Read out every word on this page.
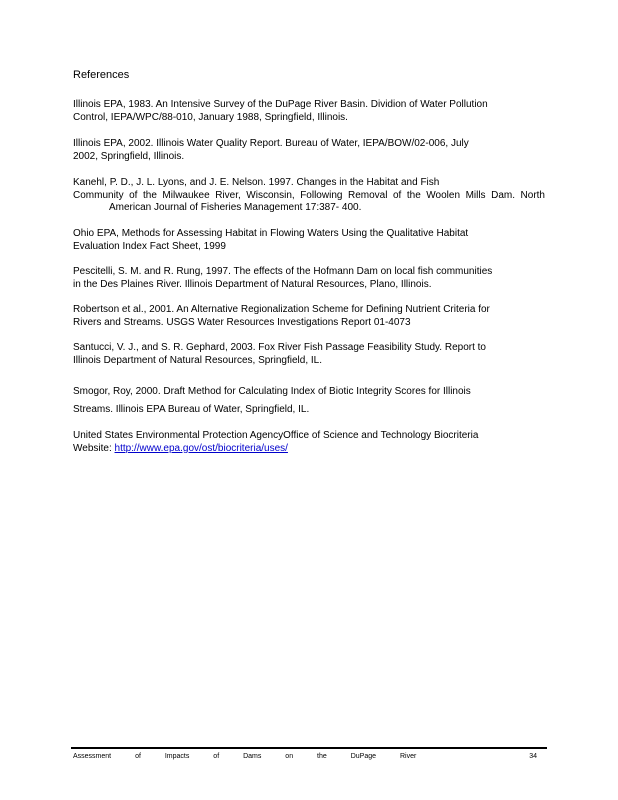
References
Illinois EPA, 1983. An Intensive Survey of the DuPage River Basin. Dividion of Water Pollution
Control, IEPA/WPC/88-010, January 1988, Springfield, Illinois.
Illinois EPA, 2002. Illinois Water Quality Report. Bureau of Water, IEPA/BOW/02-006, July
2002, Springfield, Illinois.
Kanehl, P. D., J. L. Lyons, and J. E. Nelson. 1997. Changes in the Habitat and Fish
Community of the Milwaukee River, Wisconsin, Following Removal of the Woolen Mills Dam. North American Journal of Fisheries Management 17:387- 400.
Ohio EPA, Methods for Assessing Habitat in Flowing Waters Using the Qualitative Habitat
Evaluation Index Fact Sheet, 1999
Pescitelli, S. M. and R. Rung, 1997. The effects of the Hofmann Dam on local fish communities
in the Des Plaines River. Illinois Department of Natural Resources, Plano, Illinois.
Robertson et al., 2001. An Alternative Regionalization Scheme for Defining Nutrient Criteria for
Rivers and Streams. USGS Water Resources Investigations Report 01-4073
Santucci, V. J., and S. R. Gephard, 2003. Fox River Fish Passage Feasibility Study. Report to
Illinois Department of Natural Resources, Springfield, IL.
Smogor, Roy, 2000. Draft Method for Calculating Index of Biotic Integrity Scores for Illinois
Streams. Illinois EPA Bureau of Water, Springfield, IL.
United States Environmental Protection AgencyOffice of Science and Technology Biocriteria
Website: http://www.epa.gov/ost/biocriteria/uses/
Assessment of Impacts of Dams on the DuPage River	34
